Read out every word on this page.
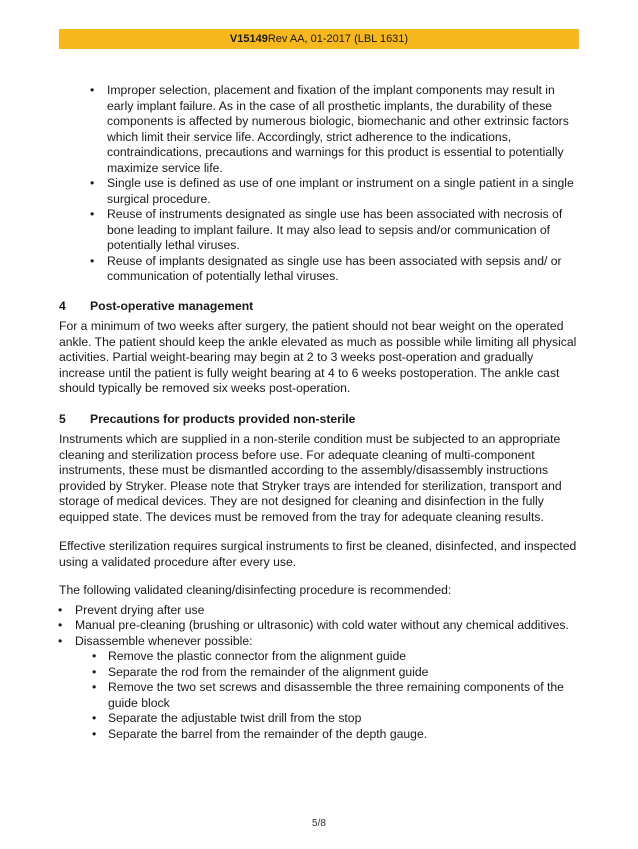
V15149 Rev AA, 01-2017 (LBL 1631)
• Improper selection, placement and fixation of the implant components may result in early implant failure. As in the case of all prosthetic implants, the durability of these components is affected by numerous biologic, biomechanic and other extrinsic factors which limit their service life. Accordingly, strict adherence to the indications, contraindications, precautions and warnings for this product is essential to potentially maximize service life.
• Single use is defined as use of one implant or instrument on a single patient in a single surgical procedure.
• Reuse of instruments designated as single use has been associated with necrosis of bone leading to implant failure. It may also lead to sepsis and/or communication of potentially lethal viruses.
• Reuse of implants designated as single use has been associated with sepsis and/ or communication of potentially lethal viruses.
4 Post-operative management

For a minimum of two weeks after surgery, the patient should not bear weight on the operated ankle. The patient should keep the ankle elevated as much as possible while limiting all physical activities. Partial weight-bearing may begin at 2 to 3 weeks post-operation and gradually increase until the patient is fully weight bearing at 4 to 6 weeks postoperation. The ankle cast should typically be removed six weeks post-operation.

5 Precautions for products provided non-sterile

Instruments which are supplied in a non-sterile condition must be subjected to an appropriate cleaning and sterilization process before use. For adequate cleaning of multi-component instruments, these must be dismantled according to the assembly/disassembly instructions provided by Stryker. Please note that Stryker trays are intended for sterilization, transport and storage of medical devices. They are not designed for cleaning and disinfection in the fully equipped state. The devices must be removed from the tray for adequate cleaning results.

Effective sterilization requires surgical instruments to first be cleaned, disinfected, and inspected using a validated procedure after every use.

The following validated cleaning/disinfecting procedure is recommended:

• Prevent drying after use
• Manual pre-cleaning (brushing or ultrasonic) with cold water without any chemical additives.
• Disassemble whenever possible:
• Remove the plastic connector from the alignment guide
• Separate the rod from the remainder of the alignment guide
• Remove the two set screws and disassemble the three remaining components of the guide block
• Separate the adjustable twist drill from the stop
• Separate the barrel from the remainder of the depth gauge.
5/8
